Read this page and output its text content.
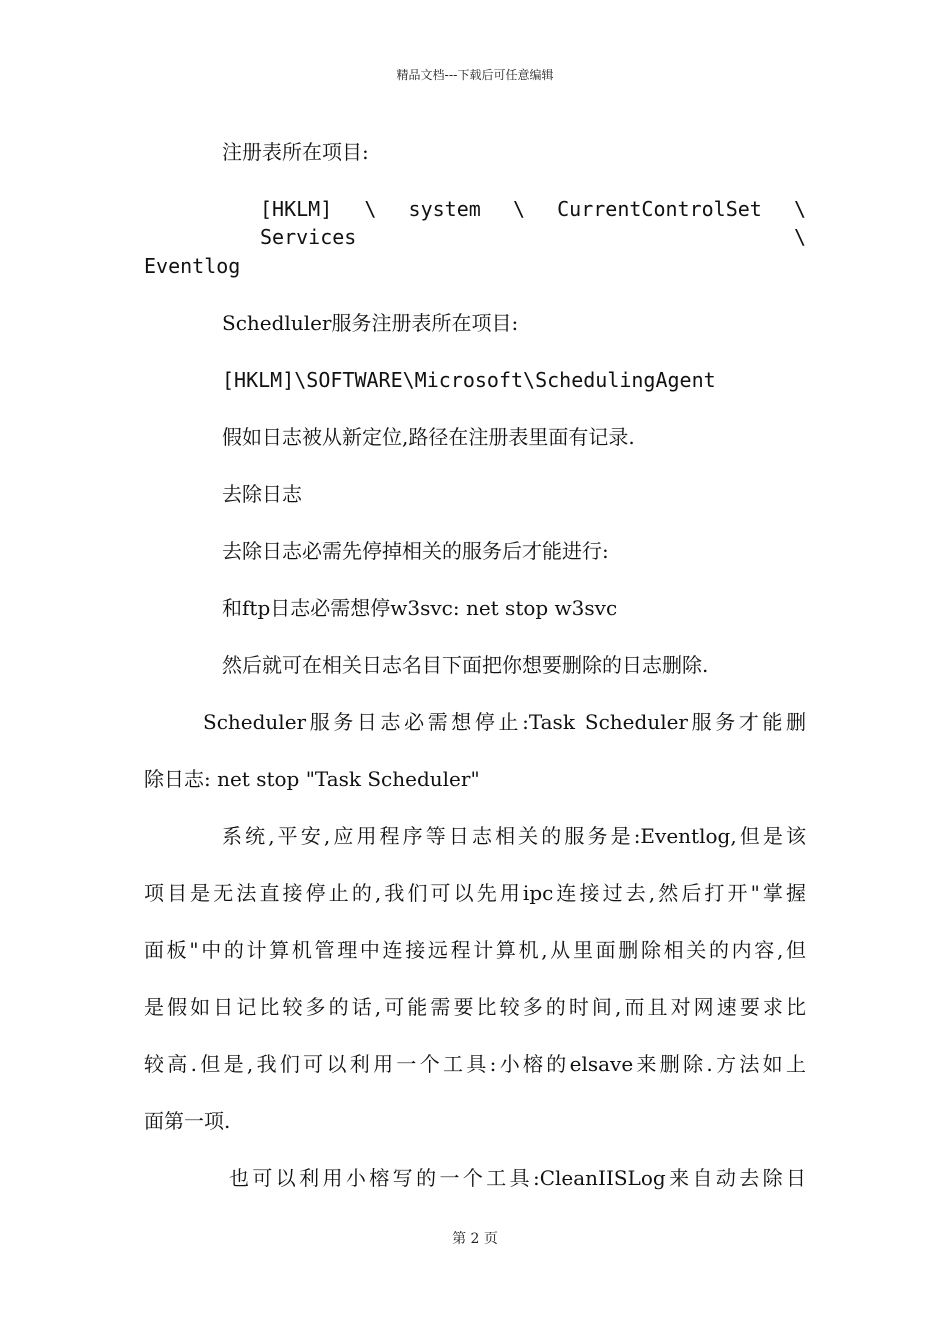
精品文档---下载后可任意编辑
注册表所在项目:
[HKLM] \ system \ CurrentControlSet \ Services \
Eventlog
Schedluler服务注册表所在项目:
[HKLM]\SOFTWARE\Microsoft\SchedulingAgent
假如日志被从新定位,路径在注册表里面有记录.
去除日志
去除日志必需先停掉相关的服务后才能进行:
和ftp日志必需想停w3svc: net stop w3svc
然后就可在相关日志名目下面把你想要删除的日志删除.
Scheduler服务日志必需想停止:Task Scheduler服务才能删
除日志: net stop "Task Scheduler"
系统,平安,应用程序等日志相关的服务是:Eventlog,但是该
项目是无法直接停止的,我们可以先用ipc连接过去,然后打开"掌握
面板"中的计算机管理中连接远程计算机,从里面删除相关的内容,但
是假如日记比较多的话,可能需要比较多的时间,而且对网速要求比
较高.但是,我们可以利用一个工具:小榕的elsave来删除.方法如上
面第一项.
也可以利用小榕写的一个工具:CleanIISLog来自动去除日
第 2 页
